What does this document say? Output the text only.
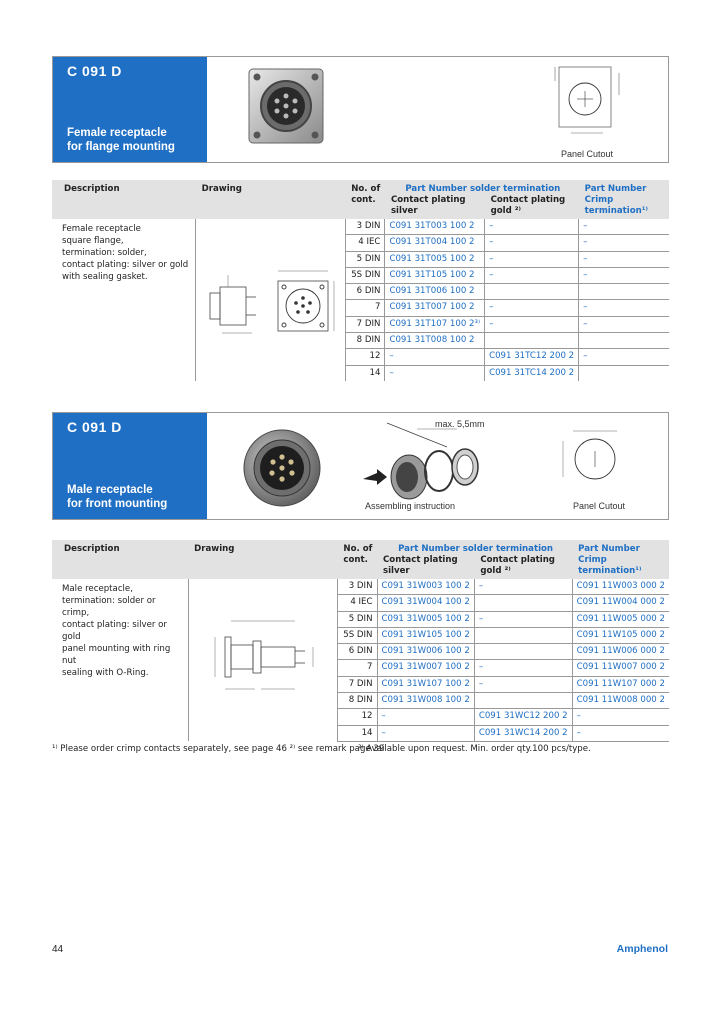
C 091 D
Female receptacle
for flange mounting
Panel Cutout
Description	Drawing	No. of cont.	Part Number solder termination		Part Number Crimp termination¹⁾
			Contact plating silver	Contact plating gold ²⁾	

Female receptacle
square flange,
termination: solder,
contact plating: silver or gold
with sealing gasket.		3 DIN	C091 31T003 100 2	–	–
		4 IEC	C091 31T004 100 2	–	–
		5 DIN	C091 31T005 100 2	–	–
		5S DIN	C091 31T105 100 2	–	–
		6 DIN	C091 31T006 100 2		
		7	C091 31T007 100 2	–	–
		7 DIN	C091 31T107 100 2³⁾	–	–
		8 DIN	C091 31T008 100 2		
		12	–	C091 31TC12 200 2	–
		14	–	C091 31TC14 200 2	
C 091 D
Male receptacle
for front mounting
max. 5,5mm
Assembling instruction	Panel Cutout
Description	Drawing	No. of cont.	Part Number solder termination		Part Number Crimp termination¹⁾
			Contact plating silver	Contact plating gold ²⁾	

Male receptacle,
termination: solder or crimp,
contact plating: silver or gold
panel mounting with ring nut
sealing with O-Ring.		3 DIN	C091 31W003 100 2	–	C091 11W003 000 2
		4 IEC	C091 31W004 100 2		C091 11W004 000 2
		5 DIN	C091 31W005 100 2	–	C091 11W005 000 2
		5S DIN	C091 31W105 100 2		C091 11W105 000 2
		6 DIN	C091 31W006 100 2		C091 11W006 000 2
		7	C091 31W007 100 2	–	C091 11W007 000 2
		7 DIN	C091 31W107 100 2	–	C091 11W107 000 2
		8 DIN	C091 31W008 100 2		C091 11W008 000 2
		12	–	C091 31WC12 200 2	–
		14	–	C091 31WC14 200 2	–
¹⁾ Please order crimp contacts separately, see page 46 ²⁾ see remark page 39
³⁾ Available upon request. Min. order qty.100 pcs/type.
44	Amphenol
